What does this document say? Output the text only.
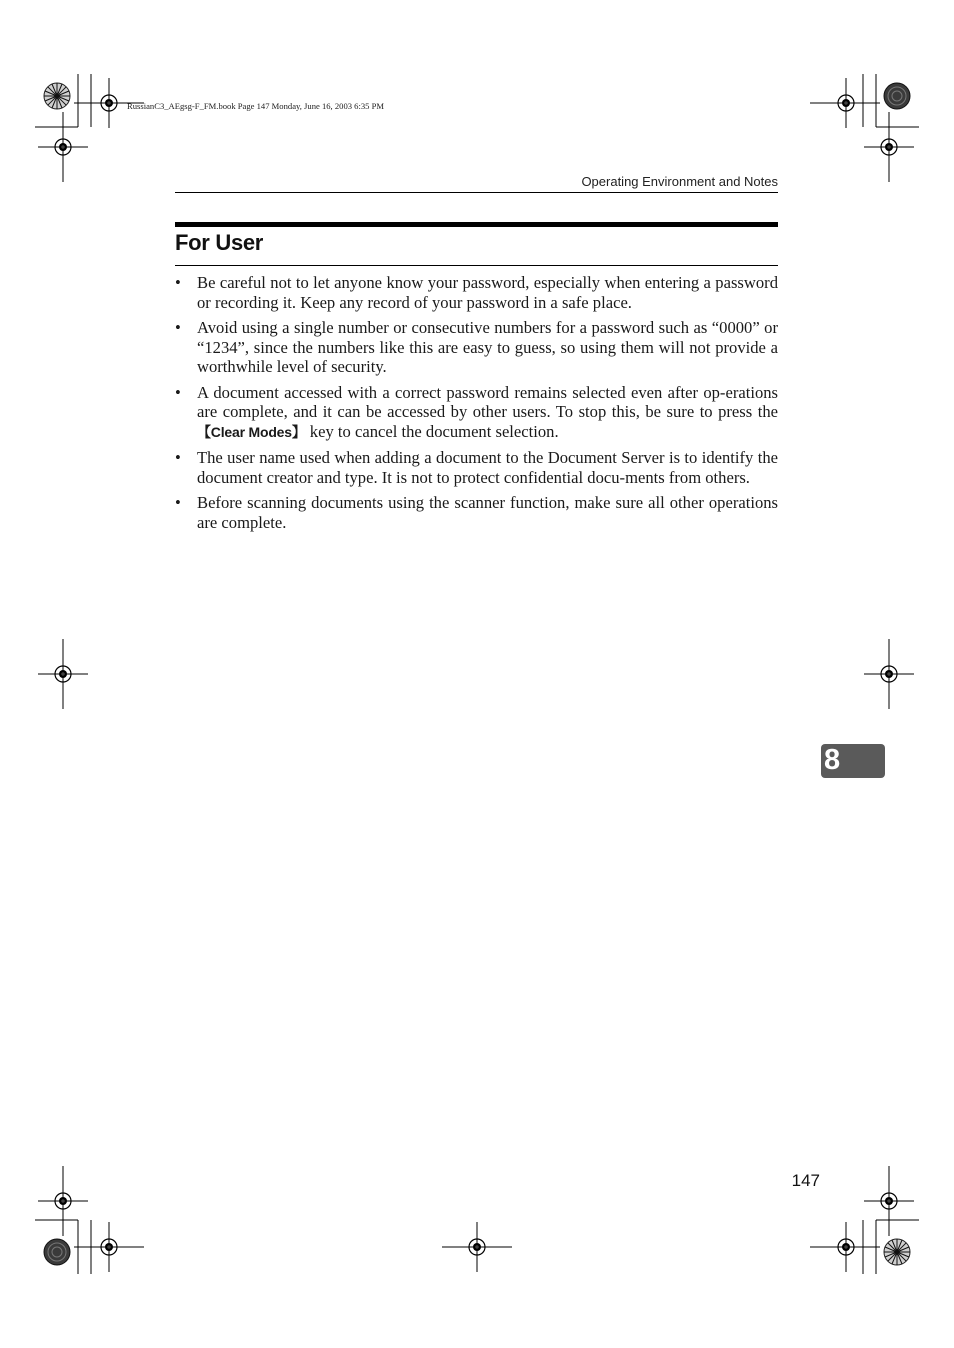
RussianC3_AEgsg-F_FM.book Page 147 Monday, June 16, 2003 6:35 PM
Operating Environment and Notes
For User
• Be careful not to let anyone know your password, especially when entering a password or recording it. Keep any record of your password in a safe place.
• Avoid using a single number or consecutive numbers for a password such as “0000” or “1234”, since the numbers like this are easy to guess, so using them will not provide a worthwhile level of security.
• A document accessed with a correct password remains selected even after op-erations are complete, and it can be accessed by other users. To stop this, be sure to press the 【Clear Modes】 key to cancel the document selection.
• The user name used when adding a document to the Document Server is to identify the document creator and type. It is not to protect confidential docu-ments from others.
• Before scanning documents using the scanner function, make sure all other operations are complete.
8
147
